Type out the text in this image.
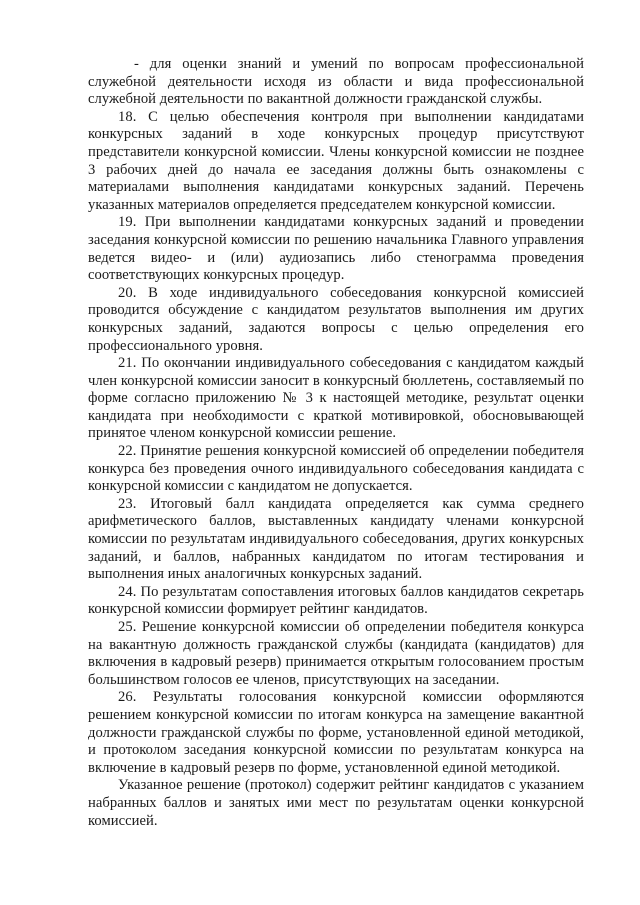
- для оценки знаний и умений по вопросам профессиональной служебной деятельности исходя из области и вида профессиональной служебной деятельности по вакантной должности гражданской службы.

18. С целью обеспечения контроля при выполнении кандидатами конкурсных заданий в ходе конкурсных процедур присутствуют представители конкурсной комиссии. Члены конкурсной комиссии не позднее 3 рабочих дней до начала ее заседания должны быть ознакомлены с материалами выполнения кандидатами конкурсных заданий. Перечень указанных материалов определяется председателем конкурсной комиссии.

19. При выполнении кандидатами конкурсных заданий и проведении заседания конкурсной комиссии по решению начальника Главного управления ведется видео- и (или) аудиозапись либо стенограмма проведения соответствующих конкурсных процедур.

20. В ходе индивидуального собеседования конкурсной комиссией проводится обсуждение с кандидатом результатов выполнения им других конкурсных заданий, задаются вопросы с целью определения его профессионального уровня.

21. По окончании индивидуального собеседования с кандидатом каждый член конкурсной комиссии заносит в конкурсный бюллетень, составляемый по форме согласно приложению № 3 к настоящей методике, результат оценки кандидата при необходимости с краткой мотивировкой, обосновывающей принятое членом конкурсной комиссии решение.

22. Принятие решения конкурсной комиссией об определении победителя конкурса без проведения очного индивидуального собеседования кандидата с конкурсной комиссии с кандидатом не допускается.

23. Итоговый балл кандидата определяется как сумма среднего арифметического баллов, выставленных кандидату членами конкурсной комиссии по результатам индивидуального собеседования, других конкурсных заданий, и баллов, набранных кандидатом по итогам тестирования и выполнения иных аналогичных конкурсных заданий.

24. По результатам сопоставления итоговых баллов кандидатов секретарь конкурсной комиссии формирует рейтинг кандидатов.

25. Решение конкурсной комиссии об определении победителя конкурса на вакантную должность гражданской службы (кандидата (кандидатов) для включения в кадровый резерв) принимается открытым голосованием простым большинством голосов ее членов, присутствующих на заседании.

26. Результаты голосования конкурсной комиссии оформляются решением конкурсной комиссии по итогам конкурса на замещение вакантной должности гражданской службы по форме, установленной единой методикой, и протоколом заседания конкурсной комиссии по результатам конкурса на включение в кадровый резерв по форме, установленной единой методикой.

Указанное решение (протокол) содержит рейтинг кандидатов с указанием набранных баллов и занятых ими мест по результатам оценки конкурсной комиссией.
